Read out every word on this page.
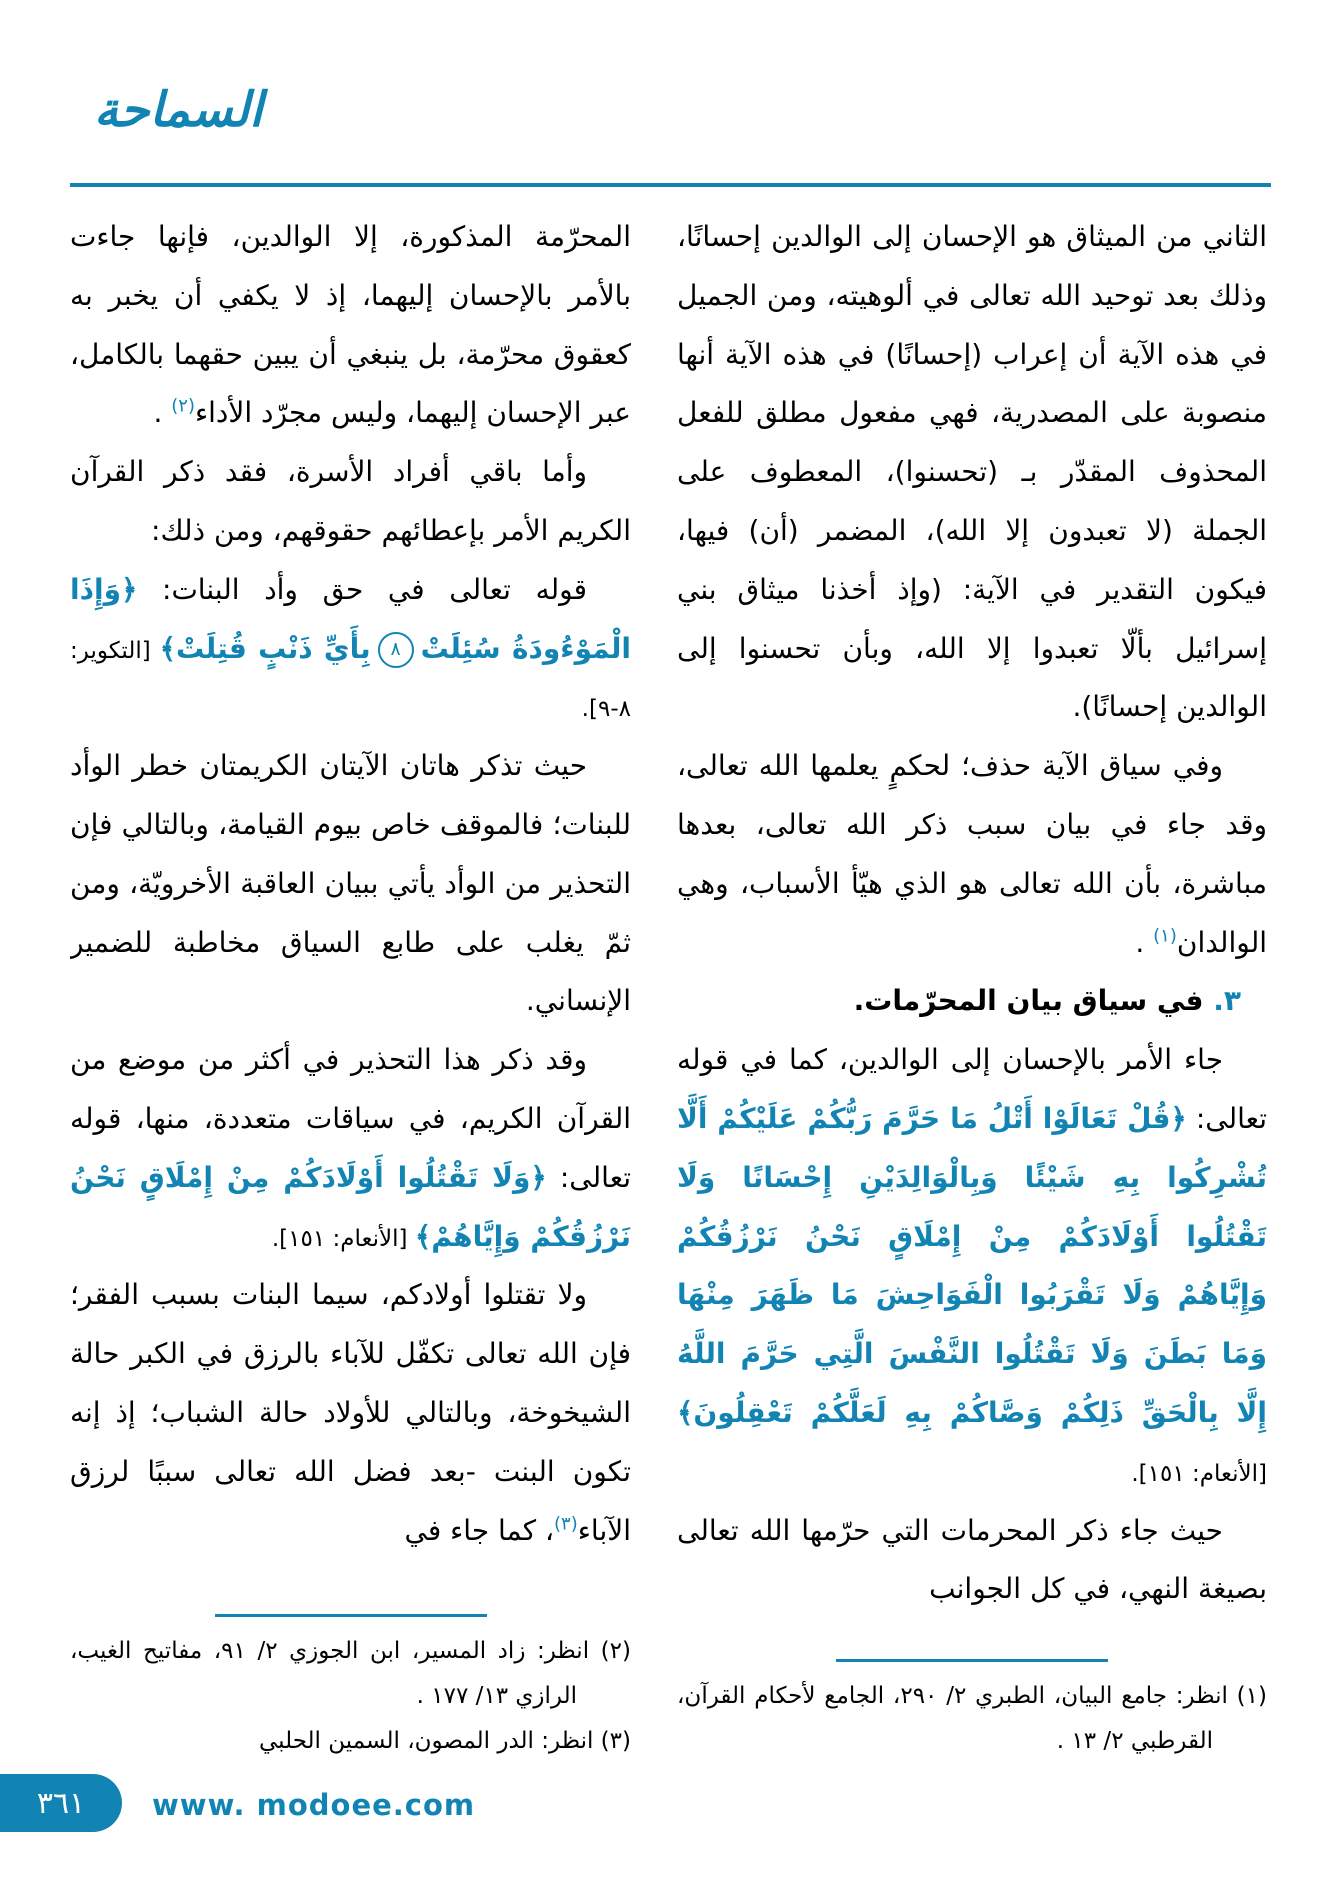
السماحة

الثاني من الميثاق هو الإحسان إلى الوالدين إحسانًا، وذلك بعد توحيد الله تعالى في ألوهيته، ومن الجميل في هذه الآية أن إعراب (إحسانًا) في هذه الآية أنها منصوبة على المصدرية، فهي مفعول مطلق للفعل المحذوف المقدّر بـ (تحسنوا)، المعطوف على الجملة (لا تعبدون إلا الله)، المضمر (أن) فيها، فيكون التقدير في الآية: (وإذ أخذنا ميثاق بني إسرائيل بألّا تعبدوا إلا الله، وبأن تحسنوا إلى الوالدين إحسانًا).

وفي سياق الآية حذف؛ لحكمٍ يعلمها الله تعالى، وقد جاء في بيان سبب ذكر الله تعالى، بعدها مباشرة، بأن الله تعالى هو الذي هيّأ الأسباب، وهي الوالدان$^{(١)}$ .

٣. في سياق بيان المحرّمات.

جاء الأمر بالإحسان إلى الوالدين، كما في قوله تعالى: ﴿قُلْ تَعَالَوْا أَتْلُ مَا حَرَّمَ رَبُّكُمْ عَلَيْكُمْ أَلَّا تُشْرِكُوا بِهِ شَيْئًا وَبِالْوَالِدَيْنِ إِحْسَانًا وَلَا تَقْتُلُوا أَوْلَادَكُمْ مِنْ إِمْلَاقٍ نَحْنُ نَرْزُقُكُمْ وَإِيَّاهُمْ وَلَا تَقْرَبُوا الْفَوَاحِشَ مَا ظَهَرَ مِنْهَا وَمَا بَطَنَ وَلَا تَقْتُلُوا النَّفْسَ الَّتِي حَرَّمَ اللَّهُ إِلَّا بِالْحَقِّ ذَلِكُمْ وَصَّاكُمْ بِهِ لَعَلَّكُمْ تَعْقِلُونَ﴾ [الأنعام: ١٥١].

حيث جاء ذكر المحرمات التي حرّمها الله تعالى بصيغة النهي، في كل الجوانب

(١) انظر: جامع البيان، الطبري ٢/ ٢٩٠، الجامع لأحكام القرآن، القرطبي ٢/ ١٣ .

المحرّمة المذكورة، إلا الوالدين، فإنها جاءت بالأمر بالإحسان إليهما، إذ لا يكفي أن يخبر به كعقوق محرّمة، بل ينبغي أن يبين حقهما بالكامل، عبر الإحسان إليهما، وليس مجرّد الأداء$^{(٢)}$ .

وأما باقي أفراد الأسرة، فقد ذكر القرآن الكريم الأمر بإعطائهم حقوقهم، ومن ذلك:

قوله تعالى في حق وأد البنات: ﴿وَإِذَا الْمَوْءُودَةُ سُئِلَتْ٨بِأَيِّ ذَنْبٍ قُتِلَتْ﴾ [التكوير: ٨-٩].

حيث تذكر هاتان الآيتان الكريمتان خطر الوأد للبنات؛ فالموقف خاص بيوم القيامة، وبالتالي فإن التحذير من الوأد يأتي ببيان العاقبة الأخرويّة، ومن ثمّ يغلب على طابع السياق مخاطبة للضمير الإنساني.

وقد ذكر هذا التحذير في أكثر من موضع من القرآن الكريم، في سياقات متعددة، منها، قوله تعالى: ﴿وَلَا تَقْتُلُوا أَوْلَادَكُمْ مِنْ إِمْلَاقٍ نَحْنُ نَرْزُقُكُمْ وَإِيَّاهُمْ﴾ [الأنعام: ١٥١].

ولا تقتلوا أولادكم، سيما البنات بسبب الفقر؛ فإن الله تعالى تكفّل للآباء بالرزق في الكبر حالة الشيخوخة، وبالتالي للأولاد حالة الشباب؛ إذ إنه تكون البنت -بعد فضل الله تعالى سببًا لرزق الآباء$^{(٣)}$، كما جاء في

(٢) انظر: زاد المسير، ابن الجوزي ٢/ ٩١، مفاتيح الغيب، الرازي ١٣/ ١٧٧ .

(٣) انظر: الدر المصون، السمين الحلبي

٣٦١ www. modoee.com
